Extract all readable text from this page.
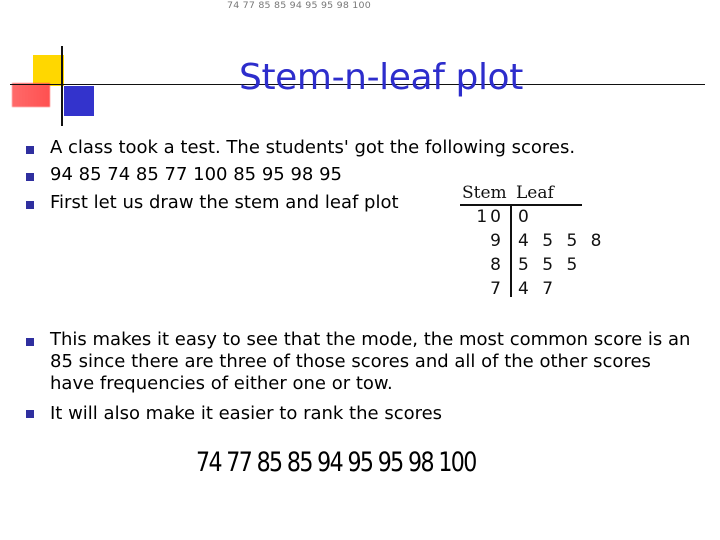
74 77 85 85 94 95 95 98 100
Stem-n-leaf plot
A class took a test. The students' got the following scores.
94 85 74 85 77 100 85 95 98 95
First let us draw the stem and leaf plot	Stem Leaf
10 0
9 4 5 5 8
8 5 5 5
7 4 7
This makes it easy to see that the mode, the most common score is an 85 since there are three of those scores and all of the other scores have frequencies of either one or tow.
It will also make it easier to rank the scores
74 77 85 85 94 95 95 98 100
